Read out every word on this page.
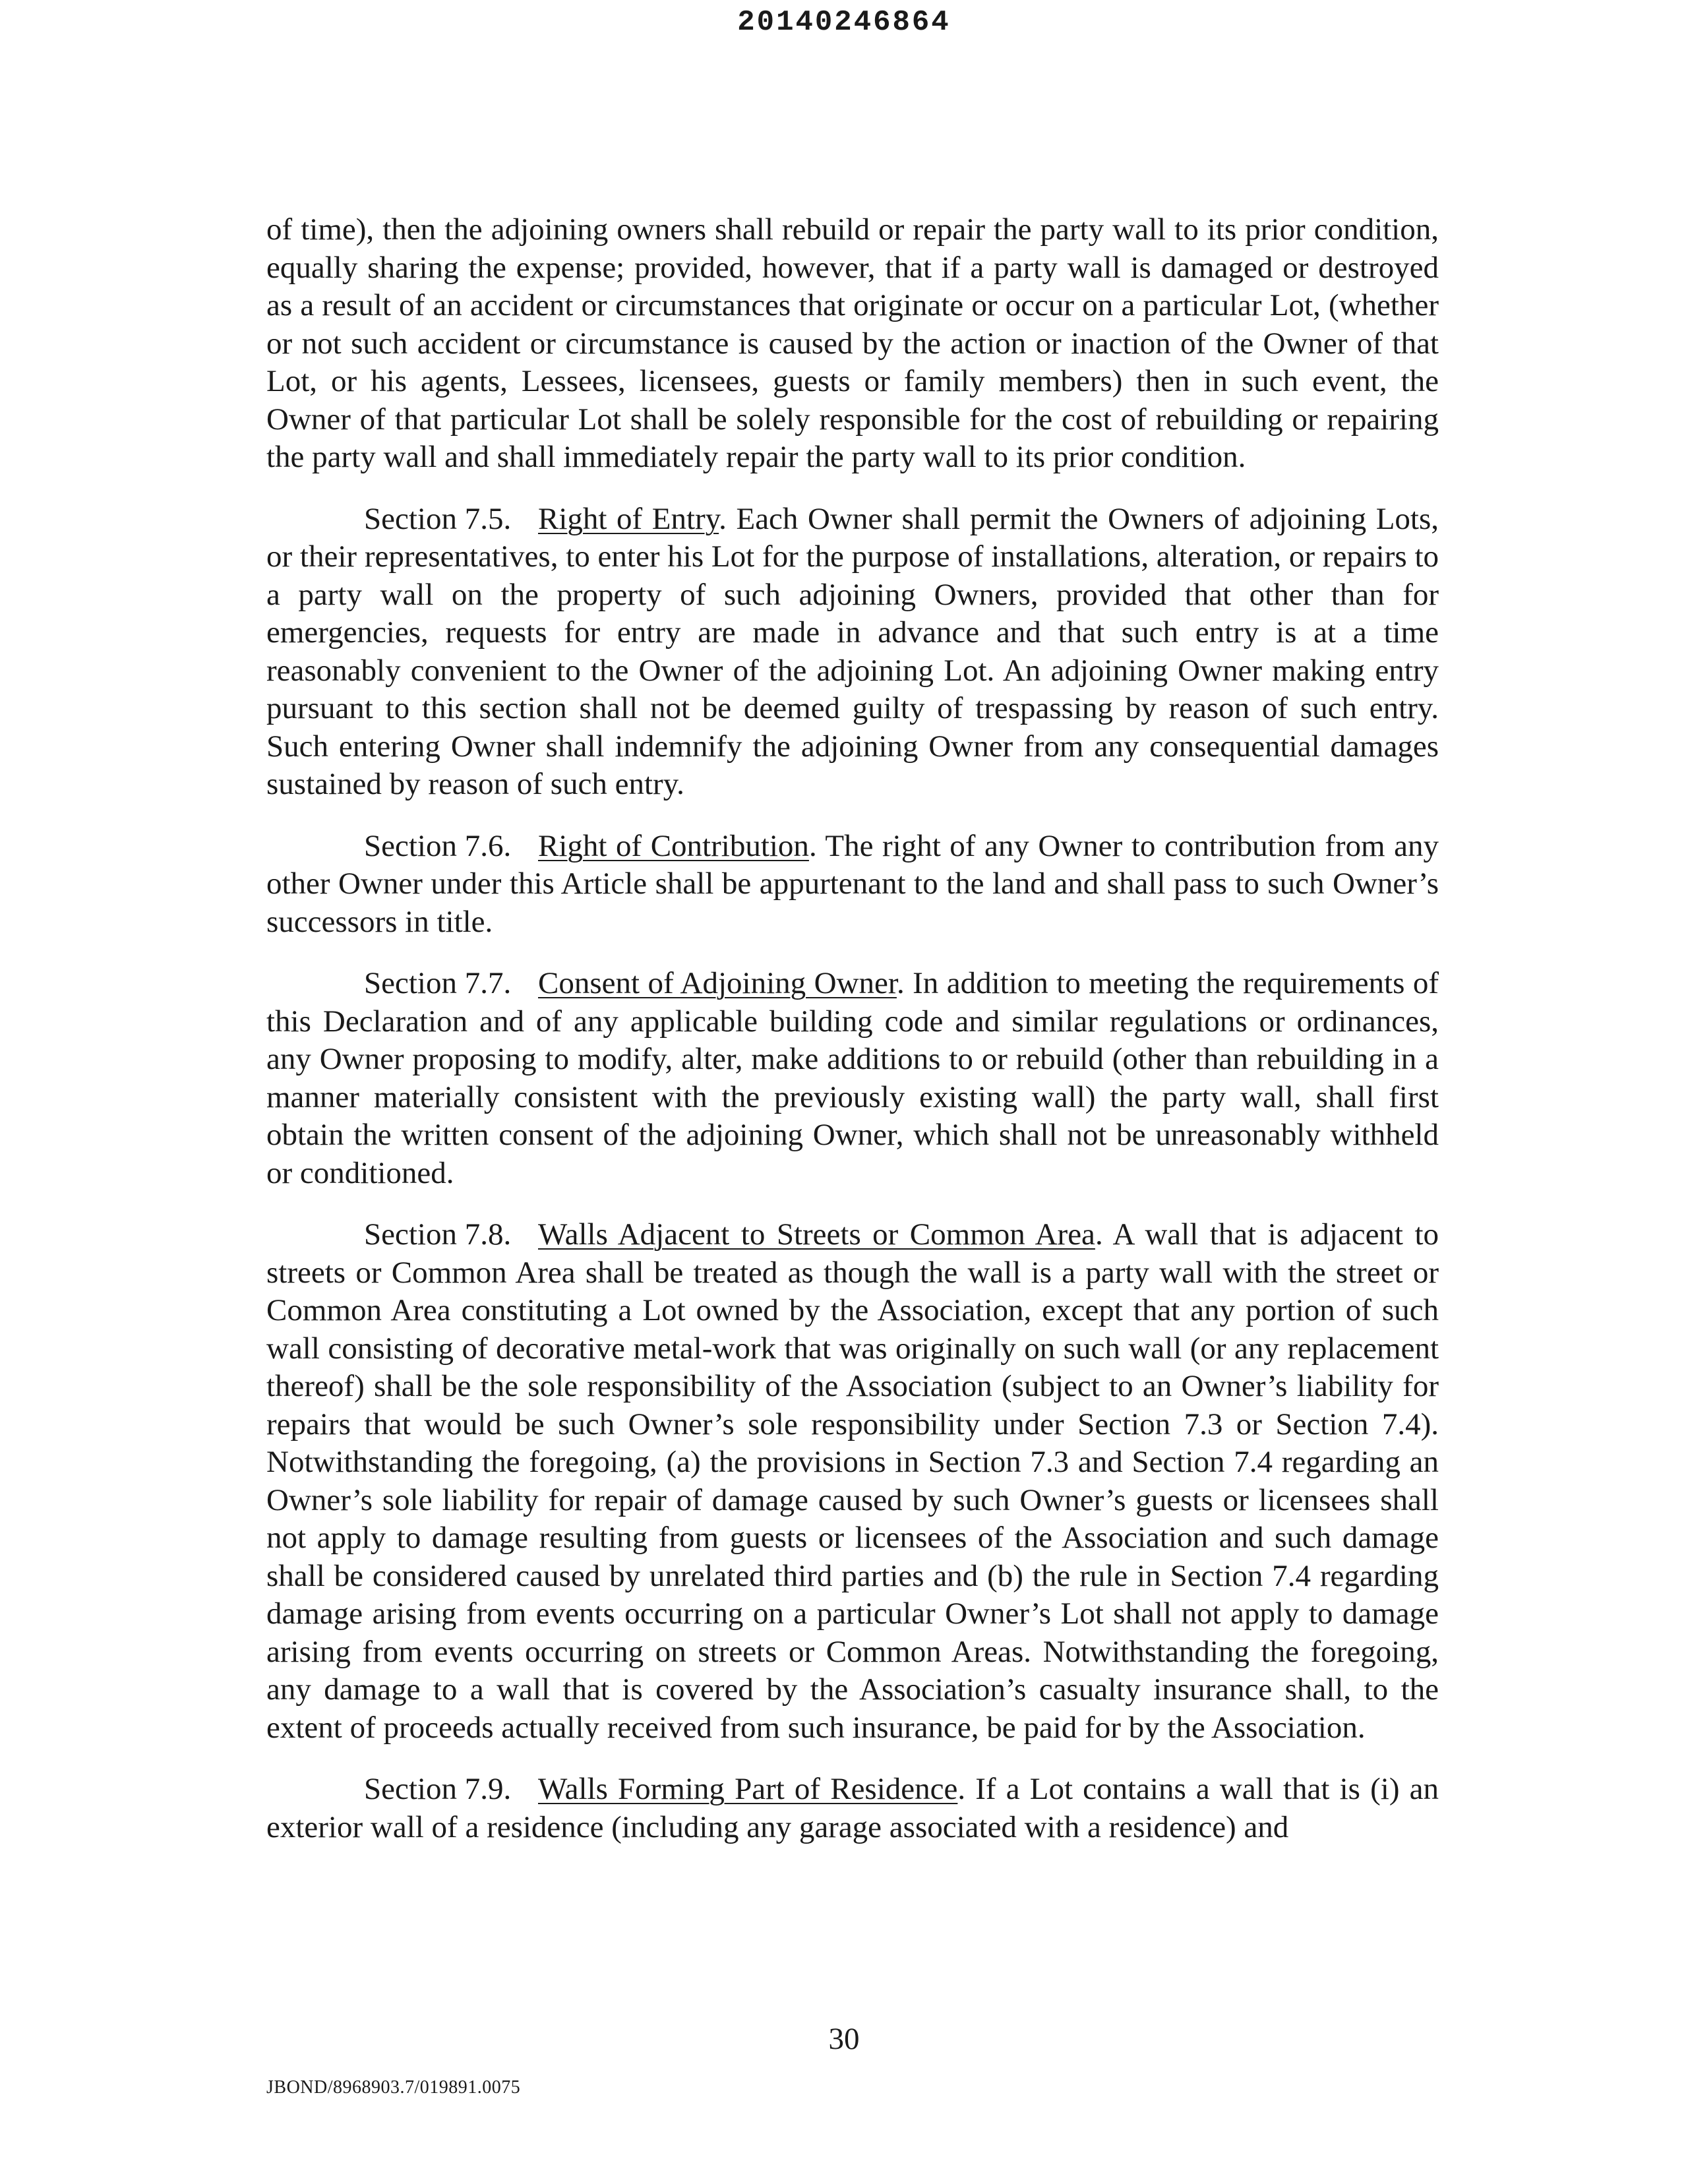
20140246864

of time), then the adjoining owners shall rebuild or repair the party wall to its prior condition, equally sharing the expense; provided, however, that if a party wall is damaged or destroyed as a result of an accident or circumstances that originate or occur on a particular Lot, (whether or not such accident or circumstance is caused by the action or inaction of the Owner of that Lot, or his agents, Lessees, licensees, guests or family members) then in such event, the Owner of that particular Lot shall be solely responsible for the cost of rebuilding or repairing the party wall and shall immediately repair the party wall to its prior condition.

Section 7.5. Right of Entry. Each Owner shall permit the Owners of adjoining Lots, or their representatives, to enter his Lot for the purpose of installations, alteration, or repairs to a party wall on the property of such adjoining Owners, provided that other than for emergencies, requests for entry are made in advance and that such entry is at a time reasonably convenient to the Owner of the adjoining Lot. An adjoining Owner making entry pursuant to this section shall not be deemed guilty of trespassing by reason of such entry. Such entering Owner shall indemnify the adjoining Owner from any consequential damages sustained by reason of such entry.

Section 7.6. Right of Contribution. The right of any Owner to contribution from any other Owner under this Article shall be appurtenant to the land and shall pass to such Owner’s successors in title.

Section 7.7. Consent of Adjoining Owner. In addition to meeting the requirements of this Declaration and of any applicable building code and similar regulations or ordinances, any Owner proposing to modify, alter, make additions to or rebuild (other than rebuilding in a manner materially consistent with the previously existing wall) the party wall, shall first obtain the written consent of the adjoining Owner, which shall not be unreasonably withheld or conditioned.

Section 7.8. Walls Adjacent to Streets or Common Area. A wall that is adjacent to streets or Common Area shall be treated as though the wall is a party wall with the street or Common Area constituting a Lot owned by the Association, except that any portion of such wall consisting of decorative metal-work that was originally on such wall (or any replacement thereof) shall be the sole responsibility of the Association (subject to an Owner’s liability for repairs that would be such Owner’s sole responsibility under Section 7.3 or Section 7.4). Notwithstanding the foregoing, (a) the provisions in Section 7.3 and Section 7.4 regarding an Owner’s sole liability for repair of damage caused by such Owner’s guests or licensees shall not apply to damage resulting from guests or licensees of the Association and such damage shall be considered caused by unrelated third parties and (b) the rule in Section 7.4 regarding damage arising from events occurring on a particular Owner’s Lot shall not apply to damage arising from events occurring on streets or Common Areas. Notwithstanding the foregoing, any damage to a wall that is covered by the Association’s casualty insurance shall, to the extent of proceeds actually received from such insurance, be paid for by the Association.

Section 7.9. Walls Forming Part of Residence. If a Lot contains a wall that is (i) an exterior wall of a residence (including any garage associated with a residence) and

30
JBOND/8968903.7/019891.0075
